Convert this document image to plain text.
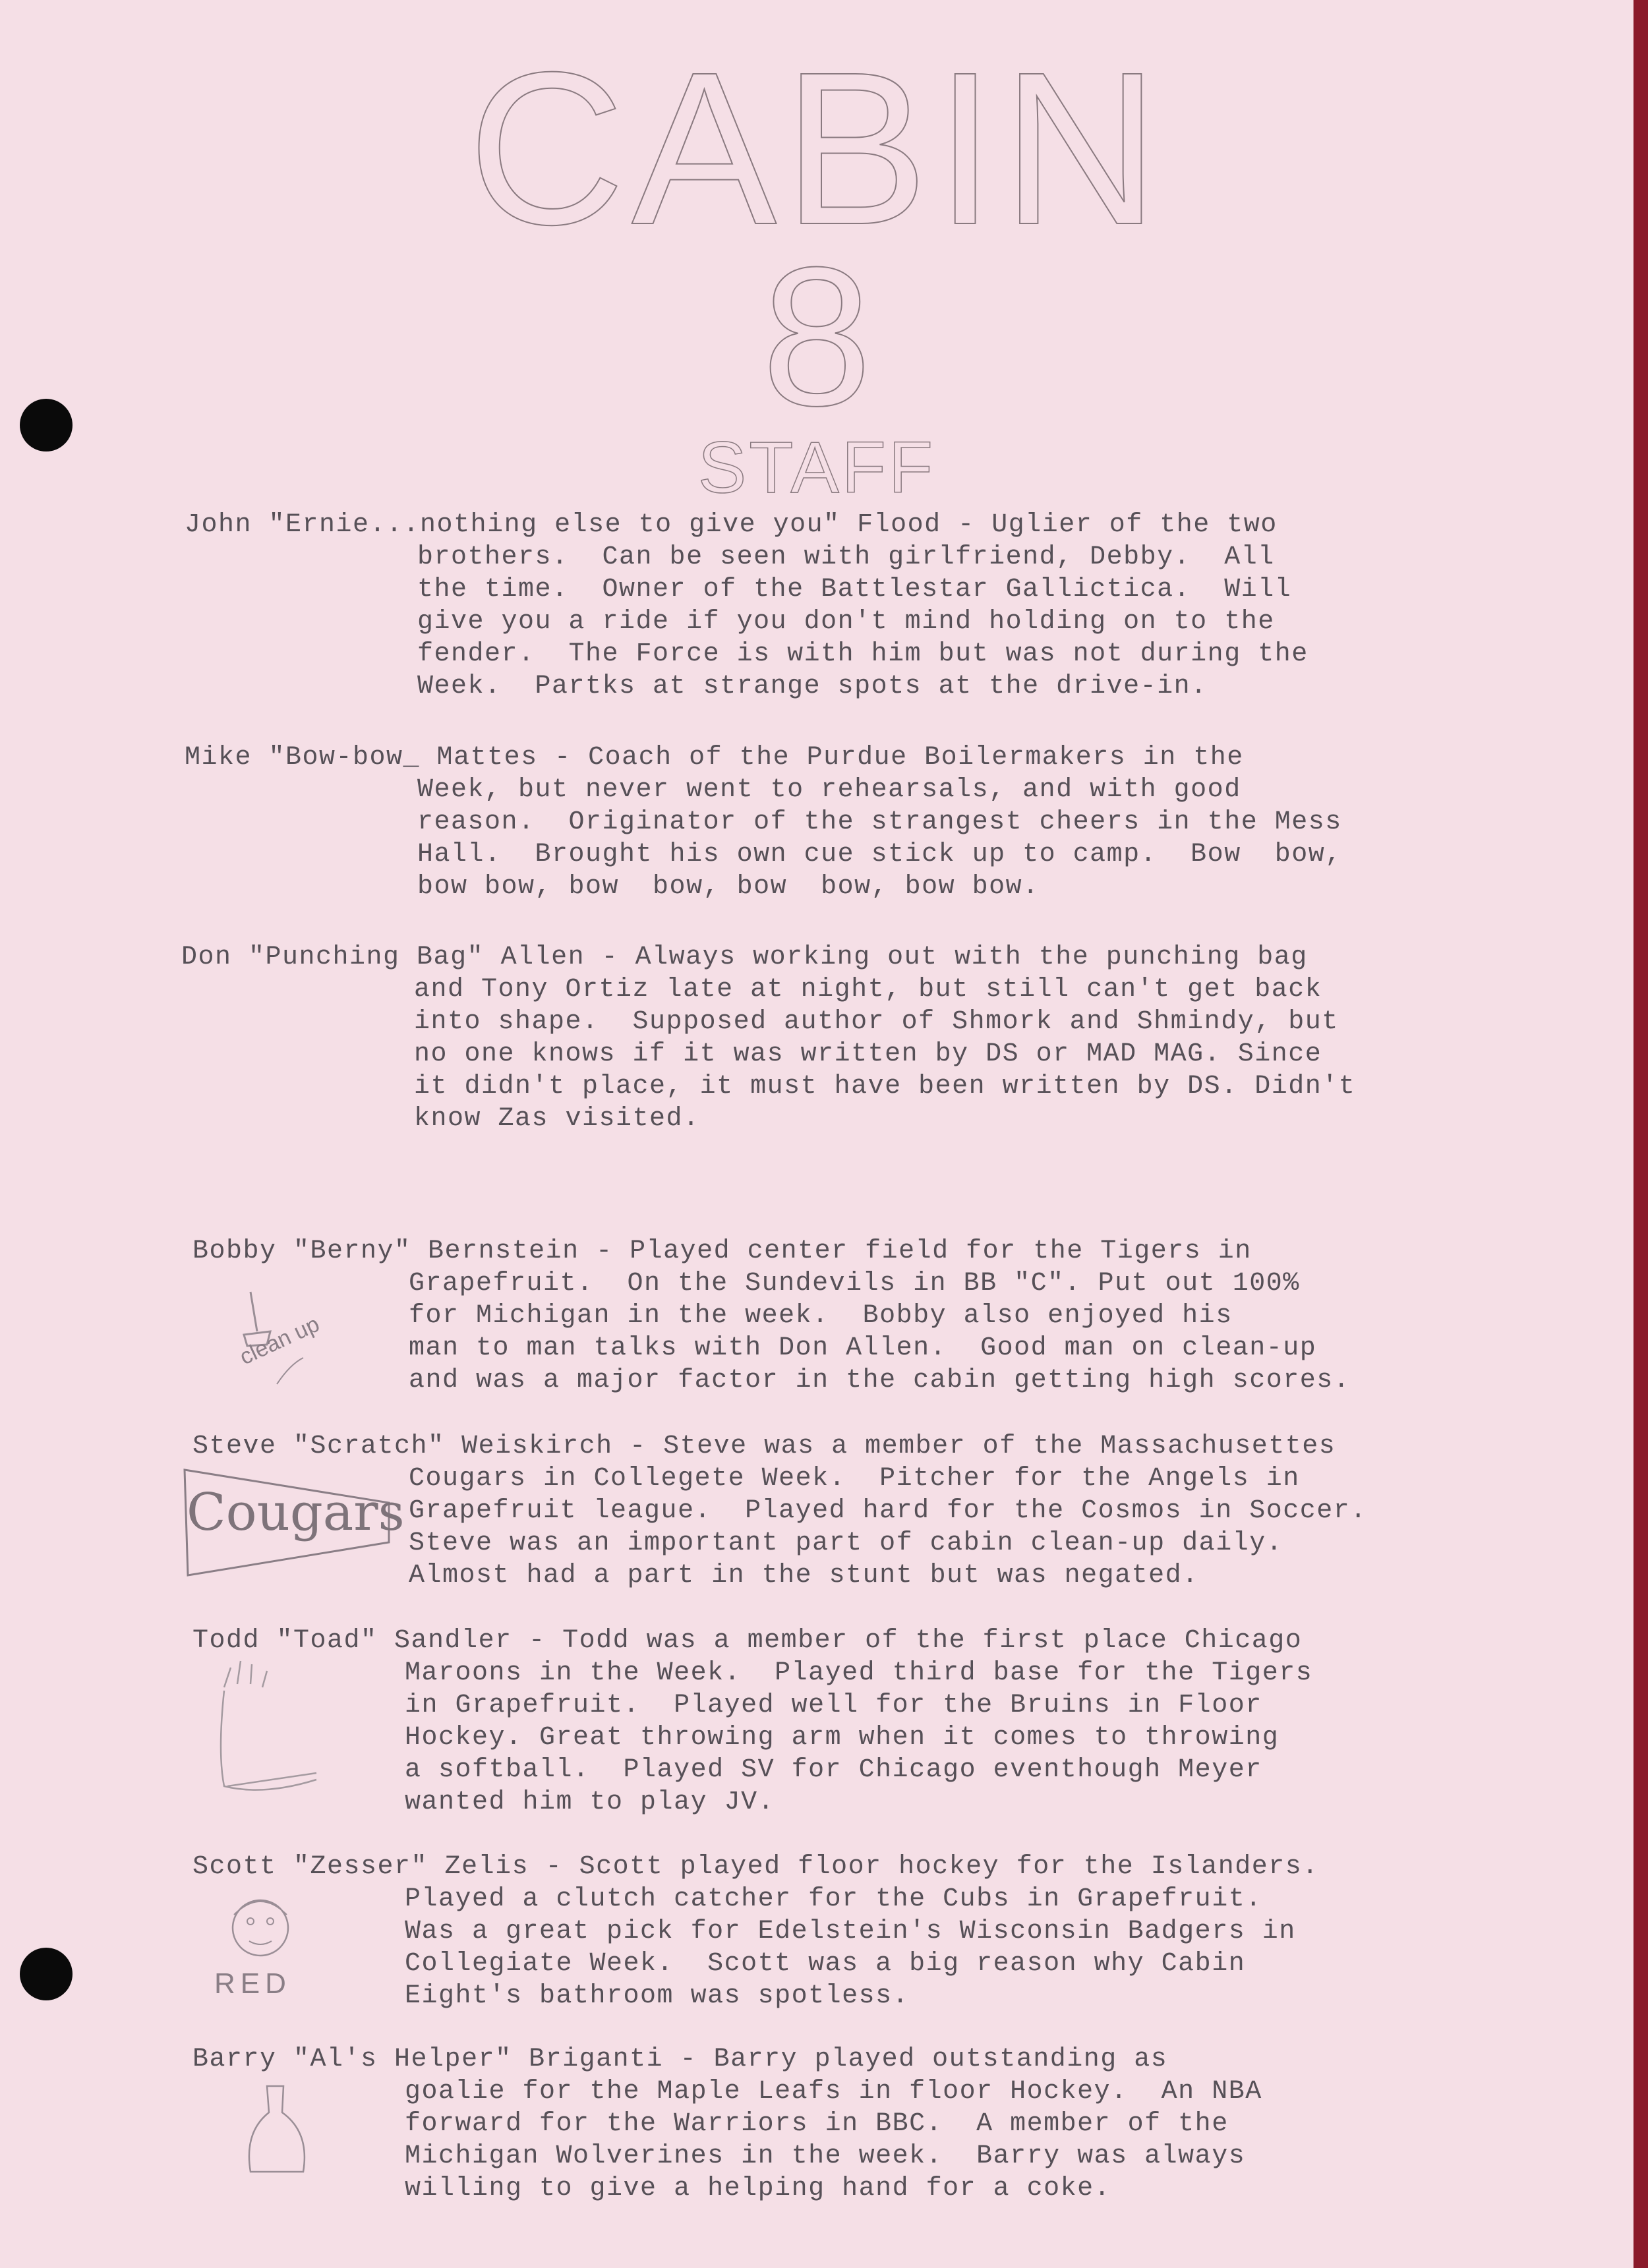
CABIN
8
STAFF
John "Ernie...nothing else to give you" Flood - Uglier of the two
brothers.  Can be seen with girlfriend, Debby.  All
the time.  Owner of the Battlestar Gallictica.  Will
give you a ride if you don't mind holding on to the
fender.  The Force is with him but was not during the
Week.  Partks at strange spots at the drive-in.
Mike "Bow-bow_ Mattes - Coach of the Purdue Boilermakers in the
Week, but never went to rehearsals, and with good
reason.  Originator of the strangest cheers in the Mess
Hall.  Brought his own cue stick up to camp.  Bow  bow,
bow bow, bow  bow, bow  bow, bow bow.
Don "Punching Bag" Allen - Always working out with the punching bag
and Tony Ortiz late at night, but still can't get back
into shape.  Supposed author of Shmork and Shmindy, but
no one knows if it was written by DS or MAD MAG. Since
it didn't place, it must have been written by DS. Didn't
know Zas visited.
Bobby "Berny" Bernstein - Played center field for the Tigers in
Grapefruit.  On the Sundevils in BB "C". Put out 100%
for Michigan in the week.  Bobby also enjoyed his
man to man talks with Don Allen.  Good man on clean-up
and was a major factor in the cabin getting high scores.
clean up
Steve "Scratch" Weiskirch - Steve was a member of the Massachusettes
Cougars in Collegete Week.  Pitcher for the Angels in
Grapefruit league.  Played hard for the Cosmos in Soccer.
Steve was an important part of cabin clean-up daily.
Almost had a part in the stunt but was negated.
Cougars
Todd "Toad" Sandler - Todd was a member of the first place Chicago
Maroons in the Week.  Played third base for the Tigers
in Grapefruit.  Played well for the Bruins in Floor
Hockey. Great throwing arm when it comes to throwing
a softball.  Played SV for Chicago eventhough Meyer
wanted him to play JV.
Scott "Zesser" Zelis - Scott played floor hockey for the Islanders.
Played a clutch catcher for the Cubs in Grapefruit.
Was a great pick for Edelstein's Wisconsin Badgers in
Collegiate Week.  Scott was a big reason why Cabin
Eight's bathroom was spotless.
RED
Barry "Al's Helper" Briganti - Barry played outstanding as
goalie for the Maple Leafs in floor Hockey.  An NBA
forward for the Warriors in BBC.  A member of the
Michigan Wolverines in the week.  Barry was always
willing to give a helping hand for a coke.
